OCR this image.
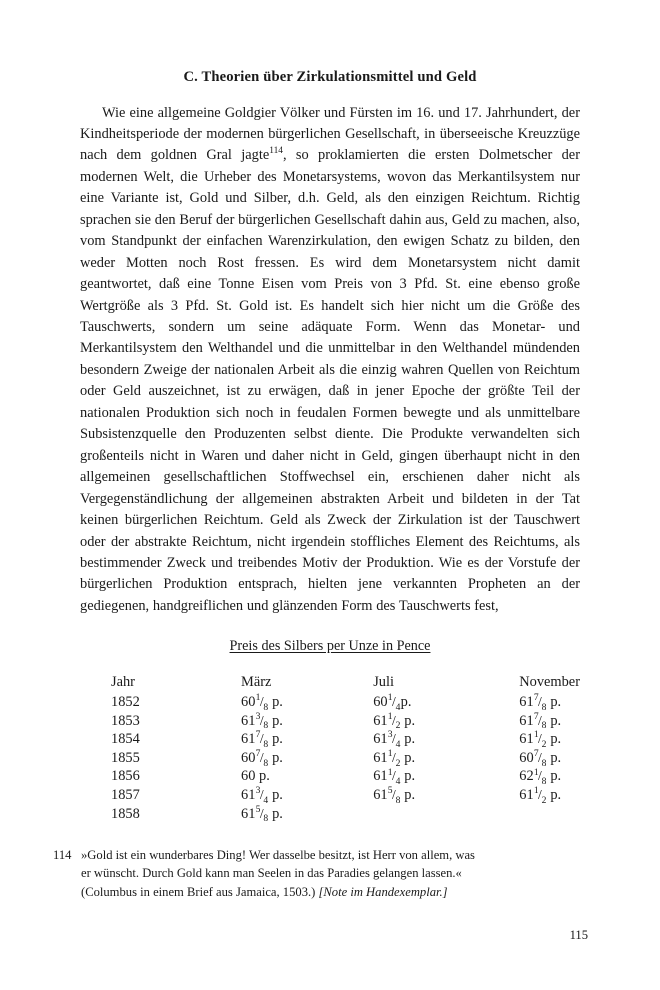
C. Theorien über Zirkulationsmittel und Geld

Wie eine allgemeine Goldgier Völker und Fürsten im 16. und 17. Jahrhundert, der Kindheitsperiode der modernen bürgerlichen Gesellschaft, in überseeische Kreuzzüge nach dem goldnen Gral jagte$^{114}$, so proklamierten die ersten Dolmetscher der modernen Welt, die Urheber des Monetarsystems, wovon das Merkantilsystem nur eine Variante ist, Gold und Silber, d.h. Geld, als den einzigen Reichtum. Richtig sprachen sie den Beruf der bürgerlichen Gesellschaft dahin aus, Geld zu machen, also, vom Standpunkt der einfachen Warenzirkulation, den ewigen Schatz zu bilden, den weder Motten noch Rost fressen. Es wird dem Monetarsystem nicht damit geantwortet, daß eine Tonne Eisen vom Preis von 3 Pfd. St. eine ebenso große Wertgröße als 3 Pfd. St. Gold ist. Es handelt sich hier nicht um die Größe des Tauschwerts, sondern um seine adäquate Form. Wenn das Monetar- und Merkantilsystem den Welthandel und die unmittelbar in den Welthandel mündenden besondern Zweige der nationalen Arbeit als die einzig wahren Quellen von Reichtum oder Geld auszeichnet, ist zu erwägen, daß in jener Epoche der größte Teil der nationalen Produktion sich noch in feudalen Formen bewegte und als unmittelbare Subsistenzquelle den Produzenten selbst diente. Die Produkte verwandelten sich großenteils nicht in Waren und daher nicht in Geld, gingen überhaupt nicht in den allgemeinen gesellschaftlichen Stoffwechsel ein, erschienen daher nicht als Vergegenständlichung der allgemeinen abstrakten Arbeit und bildeten in der Tat keinen bürgerlichen Reichtum. Geld als Zweck der Zirkulation ist der Tauschwert oder der abstrakte Reichtum, nicht irgendein stoffliches Element des Reichtums, als bestimmender Zweck und treibendes Motiv der Produktion. Wie es der Vorstufe der bürgerlichen Produktion entsprach, hielten jene verkannten Propheten an der gediegenen, handgreiflichen und glänzenden Form des Tauschwerts fest,

Preis des Silbers per Unze in Pence

Jahr	März	Juli	November
1852	$60^1/_8$ p.	$60^1/_4p$.	$61^7/_8$ p.
1853	$61^3/_8$ p.	$61^1/_2$ p.	$61^7/_8$ p.
1854	$61^7/_8$ p.	$61^3/_4$ p.	$61^1/_2$ p.
1855	$60^7/_8$ p.	$61^1/_2$ p.	$60^7/_8$ p.
1856	60 p.	$61^1/_4$ p.	$62^1/_8$ p.
1857	$61^3/_4$ p.	$61^5/_8$ p.	$61^1/_2$ p.
1858	$61^5/_8$ p.		
114 »Gold ist ein wunderbares Ding! Wer dasselbe besitzt, ist Herr von allem, was
er wünscht. Durch Gold kann man Seelen in das Paradies gelangen lassen.«
(Columbus in einem Brief aus Jamaica, 1503.) [Note im Handexemplar.]
115
